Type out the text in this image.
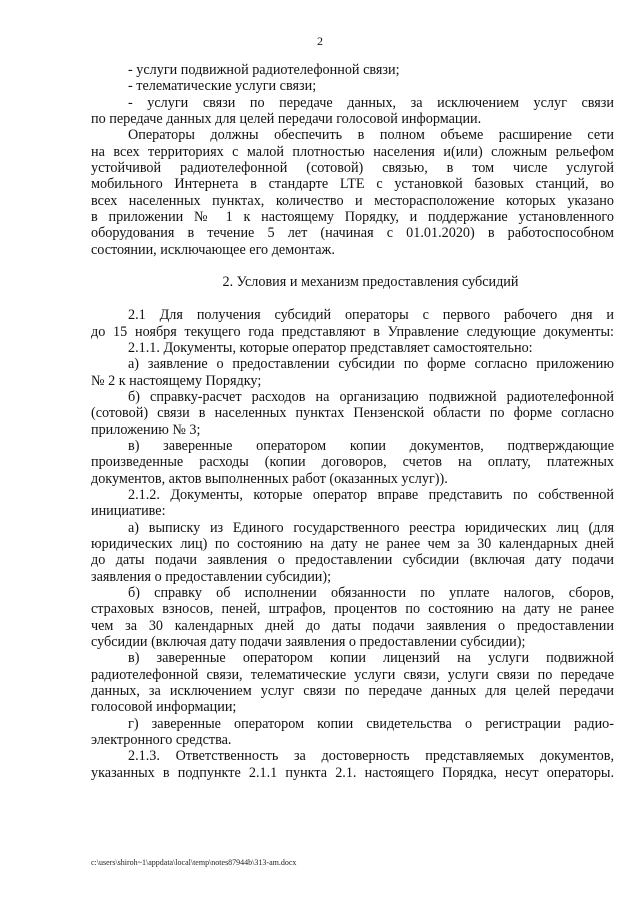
2
- услуги подвижной радиотелефонной связи;
- телематические услуги связи;
- услуги связи по передаче данных, за исключением услуг связи
по передаче данных для целей передачи голосовой информации.
Операторы должны обеспечить в полном объеме расширение сети
на всех территориях с малой плотностью населения и(или) сложным рельефом
устойчивой радиотелефонной (сотовой) связью, в том числе услугой
мобильного Интернета в стандарте LTE с установкой базовых станций, во
всех населенных пунктах, количество и месторасположение которых указано
в приложении № 1 к настоящему Порядку, и поддержание установленного
оборудования в течение 5 лет (начиная с 01.01.2020) в работоспособном
состоянии, исключающее его демонтаж.
2. Условия и механизм предоставления субсидий
2.1 Для получения субсидий операторы с первого рабочего дня и
до 15 ноября текущего года представляют в Управление следующие документы:
2.1.1. Документы, которые оператор представляет самостоятельно:
а) заявление о предоставлении субсидии по форме согласно приложению
№ 2 к настоящему Порядку;
б) справку-расчет расходов на организацию подвижной радиотелефонной
(сотовой) связи в населенных пунктах Пензенской области по форме согласно
приложению № 3;
в) заверенные оператором копии документов, подтверждающие
произведенные расходы (копии договоров, счетов на оплату, платежных
документов, актов выполненных работ (оказанных услуг)).
2.1.2. Документы, которые оператор вправе представить по собственной
инициативе:
а) выписку из Единого государственного реестра юридических лиц (для
юридических лиц) по состоянию на дату не ранее чем за 30 календарных дней
до даты подачи заявления о предоставлении субсидии (включая дату подачи
заявления о предоставлении субсидии);
б) справку об исполнении обязанности по уплате налогов, сборов,
страховых взносов, пеней, штрафов, процентов по состоянию на дату не ранее
чем за 30 календарных дней до даты подачи заявления о предоставлении
субсидии (включая дату подачи заявления о предоставлении субсидии);
в) заверенные оператором копии лицензий на услуги подвижной
радиотелефонной связи, телематические услуги связи, услуги связи по передаче
данных, за исключением услуг связи по передаче данных для целей передачи
голосовой информации;
г) заверенные оператором копии свидетельства о регистрации радио-
электронного средства.
2.1.3. Ответственность за достоверность представляемых документов,
указанных в подпункте 2.1.1 пункта 2.1. настоящего Порядка, несут операторы.
c:\users\shiroh~1\appdata\local\temp\notes87944b\313-am.docx
